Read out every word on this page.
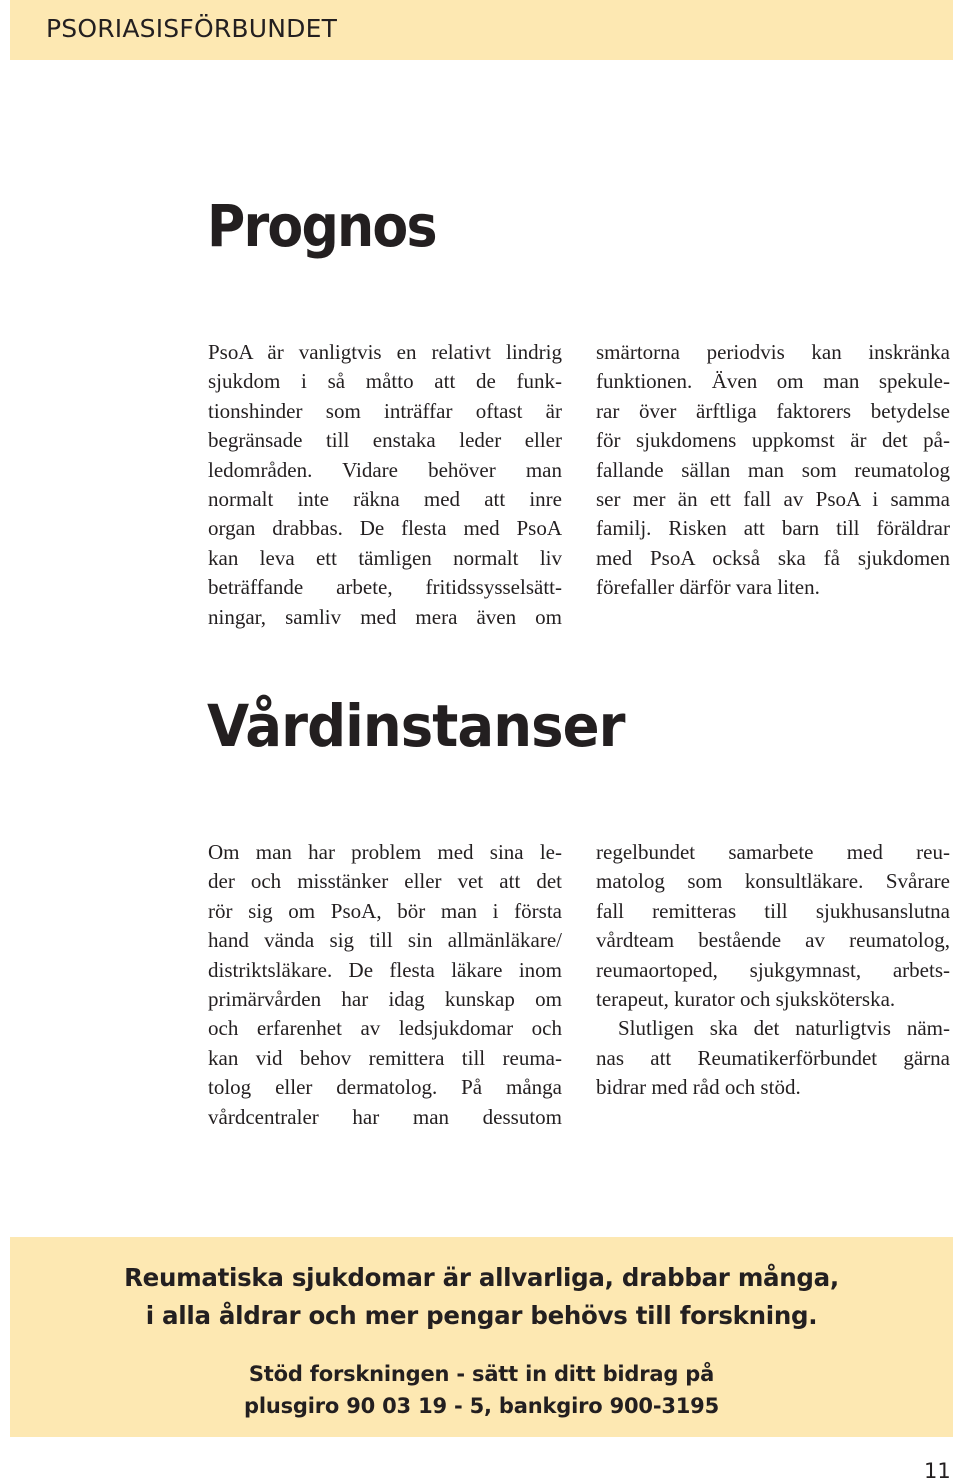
PSORIASISFÖRBUNDET
Prognos
PsoA är vanligtvis en relativt lindrig
sjukdom i så måtto att de funk-
tionshinder som inträffar oftast är
begränsade till enstaka leder eller
ledområden. Vidare behöver man
normalt inte räkna med att inre
organ drabbas. De flesta med PsoA
kan leva ett tämligen normalt liv
beträffande arbete, fritidssysselsätt-
ningar, samliv med mera även om
smärtorna periodvis kan inskränka
funktionen. Även om man spekule-
rar över ärftliga faktorers betydelse
för sjukdomens uppkomst är det på-
fallande sällan man som reumatolog
ser mer än ett fall av PsoA i samma
familj. Risken att barn till föräldrar
med PsoA också ska få sjukdomen
förefaller därför vara liten.
Vårdinstanser
Om man har problem med sina le-
der och misstänker eller vet att det
rör sig om PsoA, bör man i första
hand vända sig till sin allmänläkare/
distriktsläkare. De flesta läkare inom
primärvården har idag kunskap om
och erfarenhet av ledsjukdomar och
kan vid behov remittera till reuma-
tolog eller dermatolog. På många
vårdcentraler har man dessutom
regelbundet samarbete med reu-
matolog som konsultläkare. Svårare
fall remitteras till sjukhusanslutna
vårdteam bestående av reumatolog,
reumaortoped, sjukgymnast, arbets-
terapeut, kurator och sjuksköterska.
Slutligen ska det naturligtvis näm-
nas att Reumatikerförbundet gärna
bidrar med råd och stöd.
Reumatiska sjukdomar är allvarliga, drabbar många,
i alla åldrar och mer pengar behövs till forskning.
Stöd forskningen - sätt in ditt bidrag på
plusgiro 90 03 19 - 5, bankgiro 900-3195
11
